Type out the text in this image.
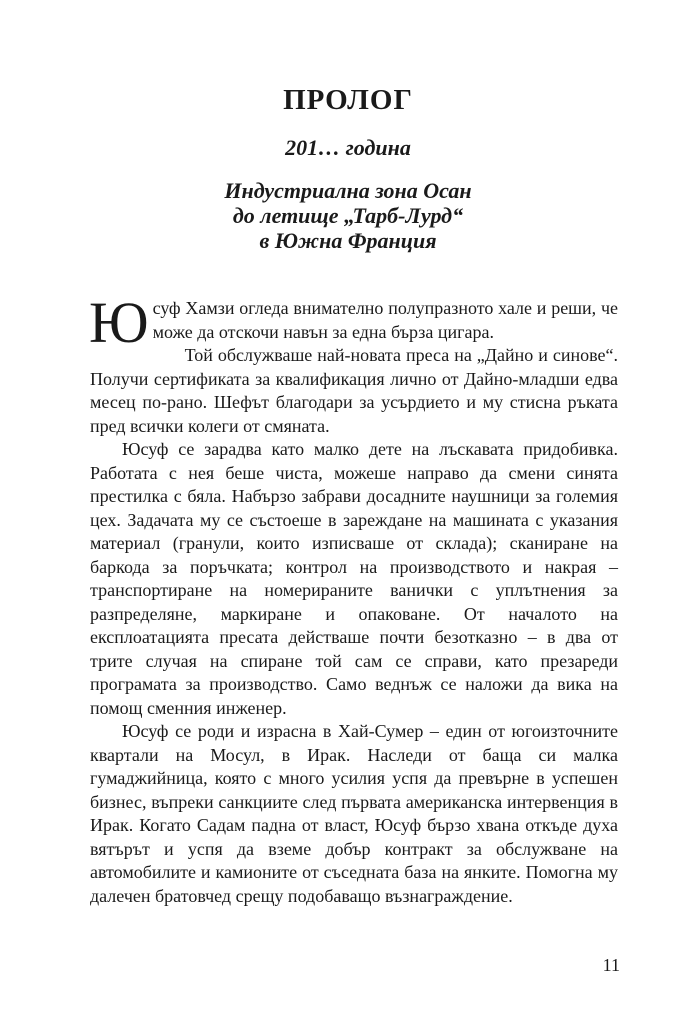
ПРОЛОГ
201… година
Индустриална зона Осан
до летище „Тарб-Лурд“
в Южна Франция

Юсуф Хамзи огледа внимателно полупразното хале и реши, че може да отскочи навън за една бърза цигара.

Той обслужваше най-новата преса на „Дайно и синове“. Получи сертификата за квалификация лично от Дайно-младши едва месец по-рано. Шефът благодари за усърдието и му стисна ръката пред всички колеги от смяната.

Юсуф се зарадва като малко дете на лъскавата придобивка. Работата с нея беше чиста, можеше направо да смени синята престилка с бяла. Набързо забрави досадните наушници за големия цех. Задачата му се състоеше в зареждане на машината с указания материал (гранули, които изписваше от склада); сканиране на баркода за поръчката; контрол на производството и накрая – транспортиране на номерираните ванички с уплътнения за разпределяне, маркиране и опаковане. От началото на експлоатацията пресата действаше почти безотказно – в два от трите случая на спиране той сам се справи, като презареди програмата за производство. Само веднъж се наложи да вика на помощ сменния инженер.

Юсуф се роди и израсна в Хай-Сумер – един от югоизточните квартали на Мосул, в Ирак. Наследи от баща си малка гумаджийница, която с много усилия успя да превърне в успешен бизнес, въпреки санкциите след първата американска интервенция в Ирак. Когато Садам падна от власт, Юсуф бързо хвана откъде духа вятърът и успя да вземе добър контракт за обслужване на автомобилите и камионите от съседната база на янките. Помогна му далечен братовчед срещу подобаващо възнаграждение.

11
